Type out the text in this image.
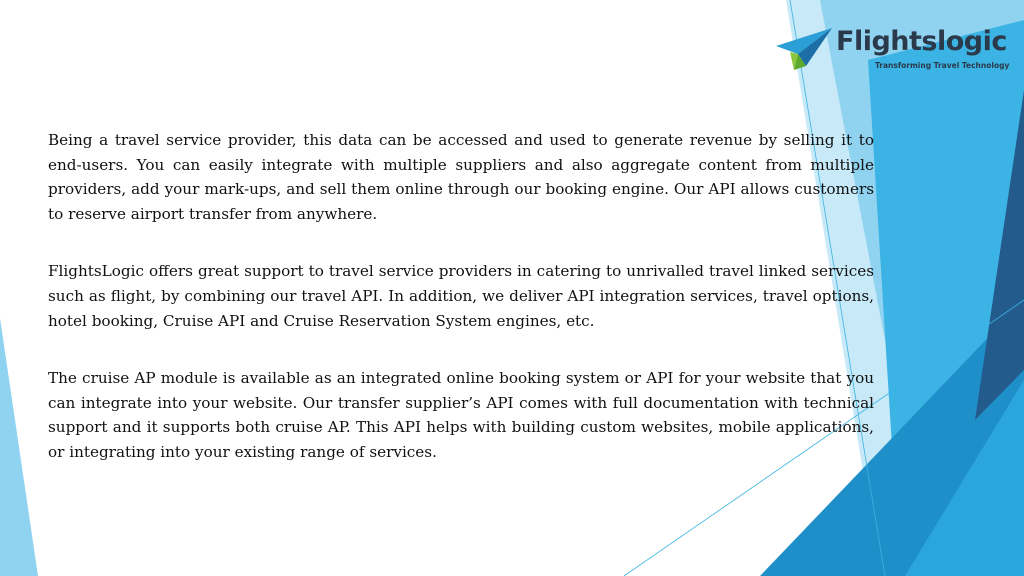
Flightslogic
Transforming Travel Technology

Being a travel service provider, this data can be accessed and used to generate revenue by selling it to end-users. You can easily integrate with multiple suppliers and also aggregate content from multiple providers, add your mark-ups, and sell them online through our booking engine. Our API allows customers to reserve airport transfer from anywhere.

FlightsLogic offers great support to travel service providers in catering to unrivalled travel linked services such as flight, by combining our travel API. In addition, we deliver API integration services, travel options, hotel booking, Cruise API and Cruise Reservation System engines, etc.

The cruise AP module is available as an integrated online booking system or API for your website that you can integrate into your website. Our transfer supplier’s API comes with full documentation with technical support and it supports both cruise AP. This API helps with building custom websites, mobile applications, or integrating into your existing range of services.
